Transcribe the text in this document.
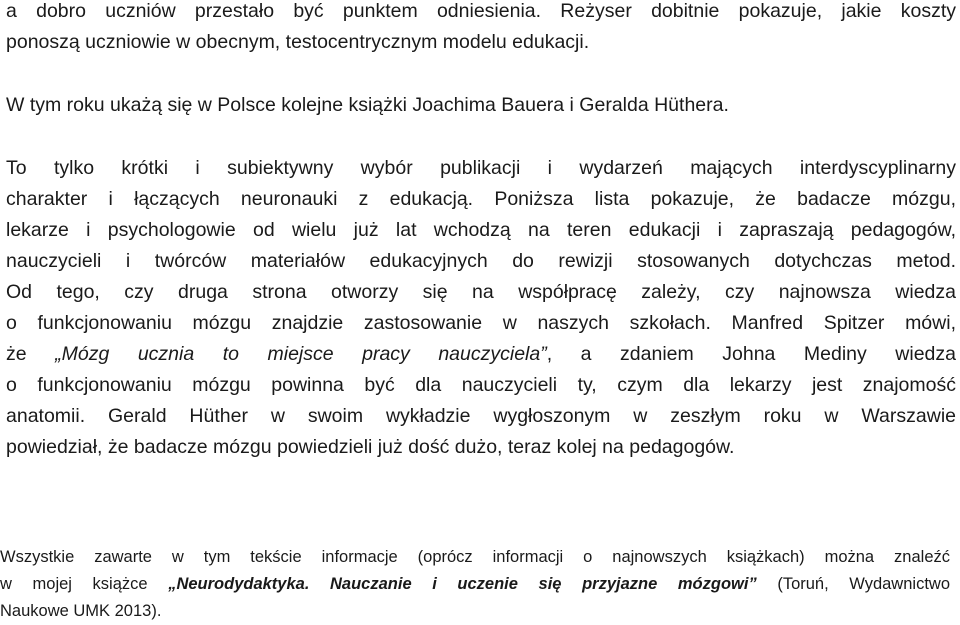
a dobro uczniów przestało być punktem odniesienia. Reżyser dobitnie pokazuje, jakie koszty
ponoszą uczniowie w obecnym, testocentrycznym modelu edukacji.
W tym roku ukażą się w Polsce kolejne książki Joachima Bauera i Geralda Hüthera.
To tylko krótki i subiektywny wybór publikacji i wydarzeń mających interdyscyplinarny
charakter i łączących neuronauki z edukacją. Poniższa lista pokazuje, że badacze mózgu,
lekarze i psychologowie od wielu już lat wchodzą na teren edukacji i zapraszają pedagogów,
nauczycieli i twórców materiałów edukacyjnych do rewizji stosowanych dotychczas metod.
Od tego, czy druga strona otworzy się na współpracę zależy, czy najnowsza wiedza
o funkcjonowaniu mózgu znajdzie zastosowanie w naszych szkołach. Manfred Spitzer mówi,
że „Mózg ucznia to miejsce pracy nauczyciela”, a zdaniem Johna Mediny wiedza
o funkcjonowaniu mózgu powinna być dla nauczycieli ty, czym dla lekarzy jest znajomość
anatomii. Gerald Hüther w swoim wykładzie wygłoszonym w zeszłym roku w Warszawie
powiedział, że badacze mózgu powiedzieli już dość dużo, teraz kolej na pedagogów.
Wszystkie zawarte w tym tekście informacje (oprócz informacji o najnowszych książkach) można znaleźć
w mojej książce „Neurodydaktyka. Nauczanie i uczenie się przyjazne mózgowi” (Toruń, Wydawnictwo
Naukowe UMK 2013).
